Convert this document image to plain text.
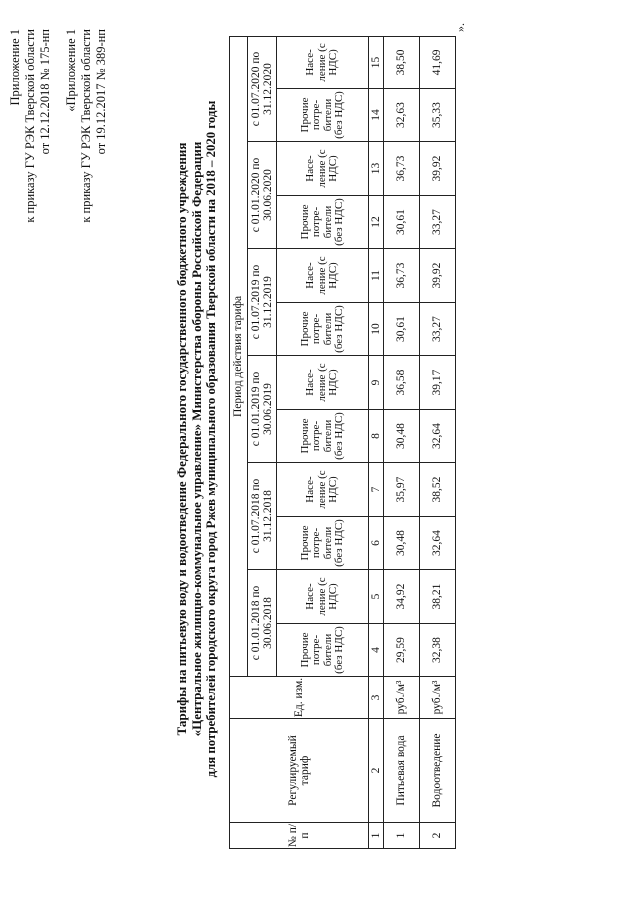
Приложение 1 к приказу ГУ РЭК Тверской области от 12.12.2018 № 175-нп «Приложение 1 к приказу ГУ РЭК Тверской области от 19.12.2017 № 389-нп
Тарифы на питьевую воду и водоотведение Федерального государственного бюджетного учреждения «Центральное жилищно-коммунальное управление» Министерства обороны Российской Федерации для потребителей городского округа город Ржев муниципального образования Тверской области на 2018 – 2020 годы
№ п/п	Регулируемый тариф	Ед. изм.	Период действия тарифа											
			с 01.01.2018 по 30.06.2018		с 01.07.2018 по 31.12.2018		с 01.01.2019 по 30.06.2019		с 01.07.2019 по 31.12.2019		с 01.01.2020 по 30.06.2020		с 01.07.2020 по 31.12.2020	
			Прочие потре- бители (без НДС)	Насе- ление (с НДС)	Прочие потре- бители (без НДС)	Насе- ление (с НДС)	Прочие потре- бители (без НДС)	Насе- ление (с НДС)	Прочие потре- бители (без НДС)	Насе- ление (с НДС)	Прочие потре- бители (без НДС)	Насе- ление (с НДС)	Прочие потре- бители (без НДС)	Насе- ление (с НДС)
1	2	3	4	5	6	7	8	9	10	11	12	13	14	15
1	Питьевая вода	руб./м³	29,59	34,92	30,48	35,97	30,48	36,58	30,61	36,73	30,61	36,73	32,63	38,50
2	Водоотведение	руб./м³	32,38	38,21	32,64	38,52	32,64	39,17	33,27	39,92	33,27	39,92	35,33	41,69
».
